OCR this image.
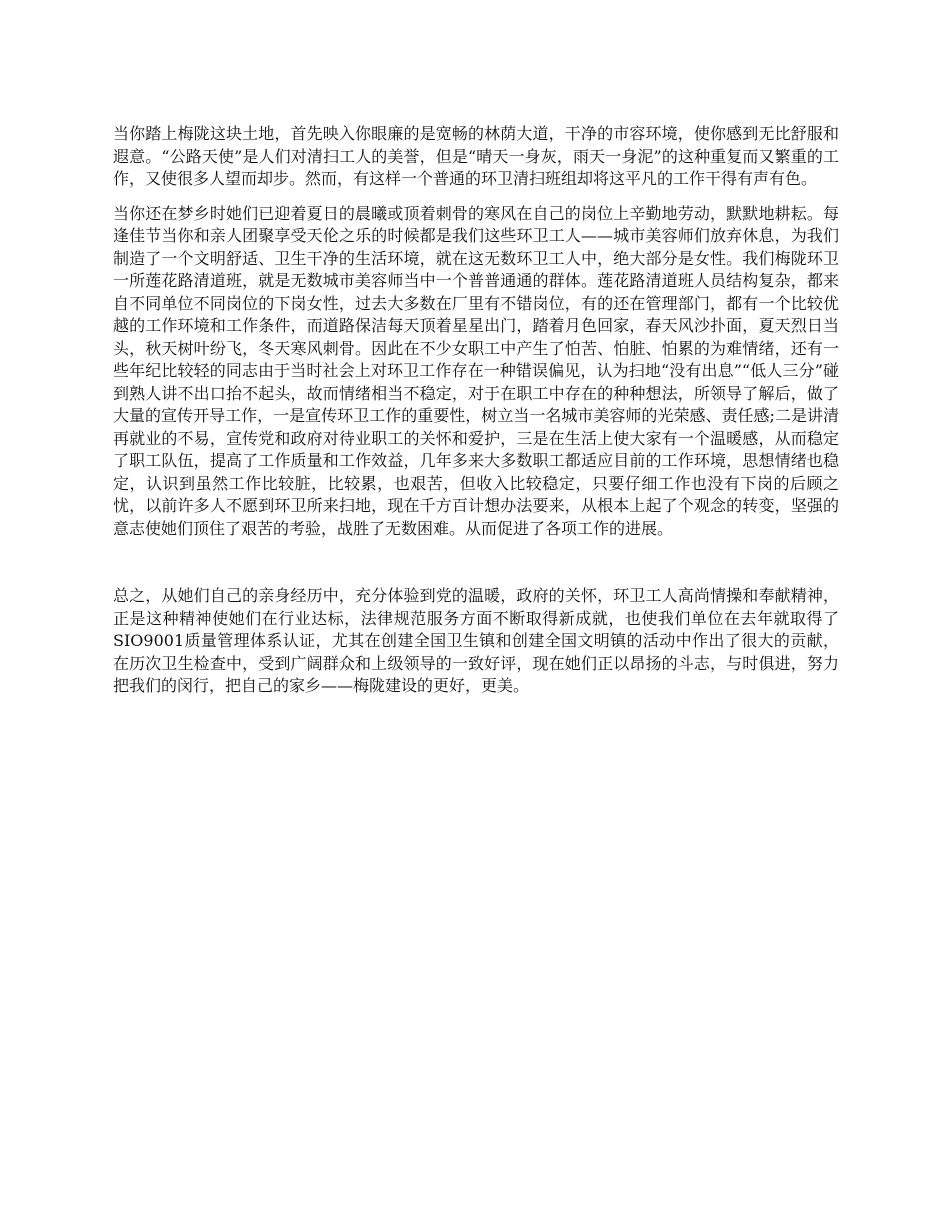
当你踏上梅陇这块土地，首先映入你眼廉的是宽畅的林荫大道，干净的市容环境，使你感到无比舒服和遐意。“公路天使”是人们对清扫工人的美誉，但是“晴天一身灰，雨天一身泥”的这种重复而又繁重的工作，又使很多人望而却步。然而，有这样一个普通的环卫清扫班组却将这平凡的工作干得有声有色。

当你还在梦乡时她们已迎着夏日的晨曦或顶着刺骨的寒风在自己的岗位上辛勤地劳动，默默地耕耘。每逢佳节当你和亲人团聚享受天伦之乐的时候都是我们这些环卫工人——城市美容师们放弃休息，为我们制造了一个文明舒适、卫生干净的生活环境，就在这无数环卫工人中，绝大部分是女性。我们梅陇环卫一所莲花路清道班，就是无数城市美容师当中一个普普通通的群体。莲花路清道班人员结构复杂，都来自不同单位不同岗位的下岗女性，过去大多数在厂里有不错岗位，有的还在管理部门，都有一个比较优越的工作环境和工作条件，而道路保洁每天顶着星星出门，踏着月色回家，春天风沙扑面，夏天烈日当头，秋天树叶纷飞，冬天寒风刺骨。因此在不少女职工中产生了怕苦、怕脏、怕累的为难情绪，还有一些年纪比较轻的同志由于当时社会上对环卫工作存在一种错误偏见，认为扫地“没有出息”“低人三分”碰到熟人讲不出口抬不起头，故而情绪相当不稳定，对于在职工中存在的种种想法，所领导了解后，做了大量的宣传开导工作，一是宣传环卫工作的重要性，树立当一名城市美容师的光荣感、责任感;二是讲清再就业的不易，宣传党和政府对待业职工的关怀和爱护，三是在生活上使大家有一个温暖感，从而稳定了职工队伍，提高了工作质量和工作效益，几年多来大多数职工都适应目前的工作环境，思想情绪也稳定，认识到虽然工作比较脏，比较累，也艰苦，但收入比较稳定，只要仔细工作也没有下岗的后顾之忧，以前许多人不愿到环卫所来扫地，现在千方百计想办法要来，从根本上起了个观念的转变，坚强的意志使她们顶住了艰苦的考验，战胜了无数困难。从而促进了各项工作的进展。

总之，从她们自己的亲身经历中，充分体验到党的温暖，政府的关怀，环卫工人高尚情操和奉献精神，正是这种精神使她们在行业达标，法律规范服务方面不断取得新成就，也使我们单位在去年就取得了SIO9001质量管理体系认证，尤其在创建全国卫生镇和创建全国文明镇的活动中作出了很大的贡献，在历次卫生检查中，受到广阔群众和上级领导的一致好评，现在她们正以昂扬的斗志，与时俱进，努力把我们的闵行，把自己的家乡——梅陇建设的更好，更美。
